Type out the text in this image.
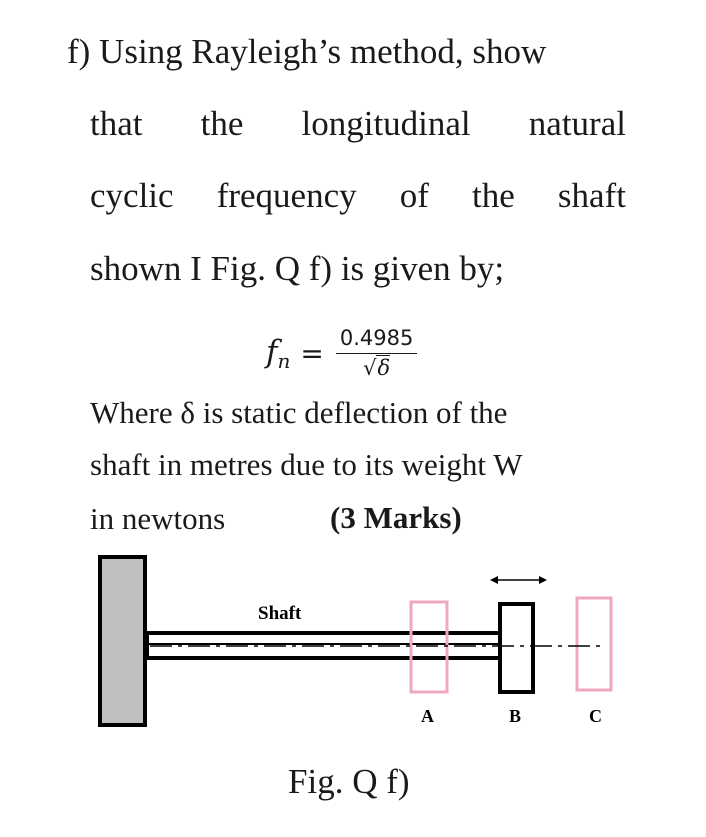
f) Using Rayleigh’s method, show
that the longitudinal natural
cyclic frequency of the shaft
shown I Fig. Q f) is given by;
$f_n = \frac{0.4985}{√\delta}$
Where δ is static deflection of the
shaft in metres due to its weight W
in newtons	(3 Marks)
Shaft
A	B	C
Fig. Q f)
